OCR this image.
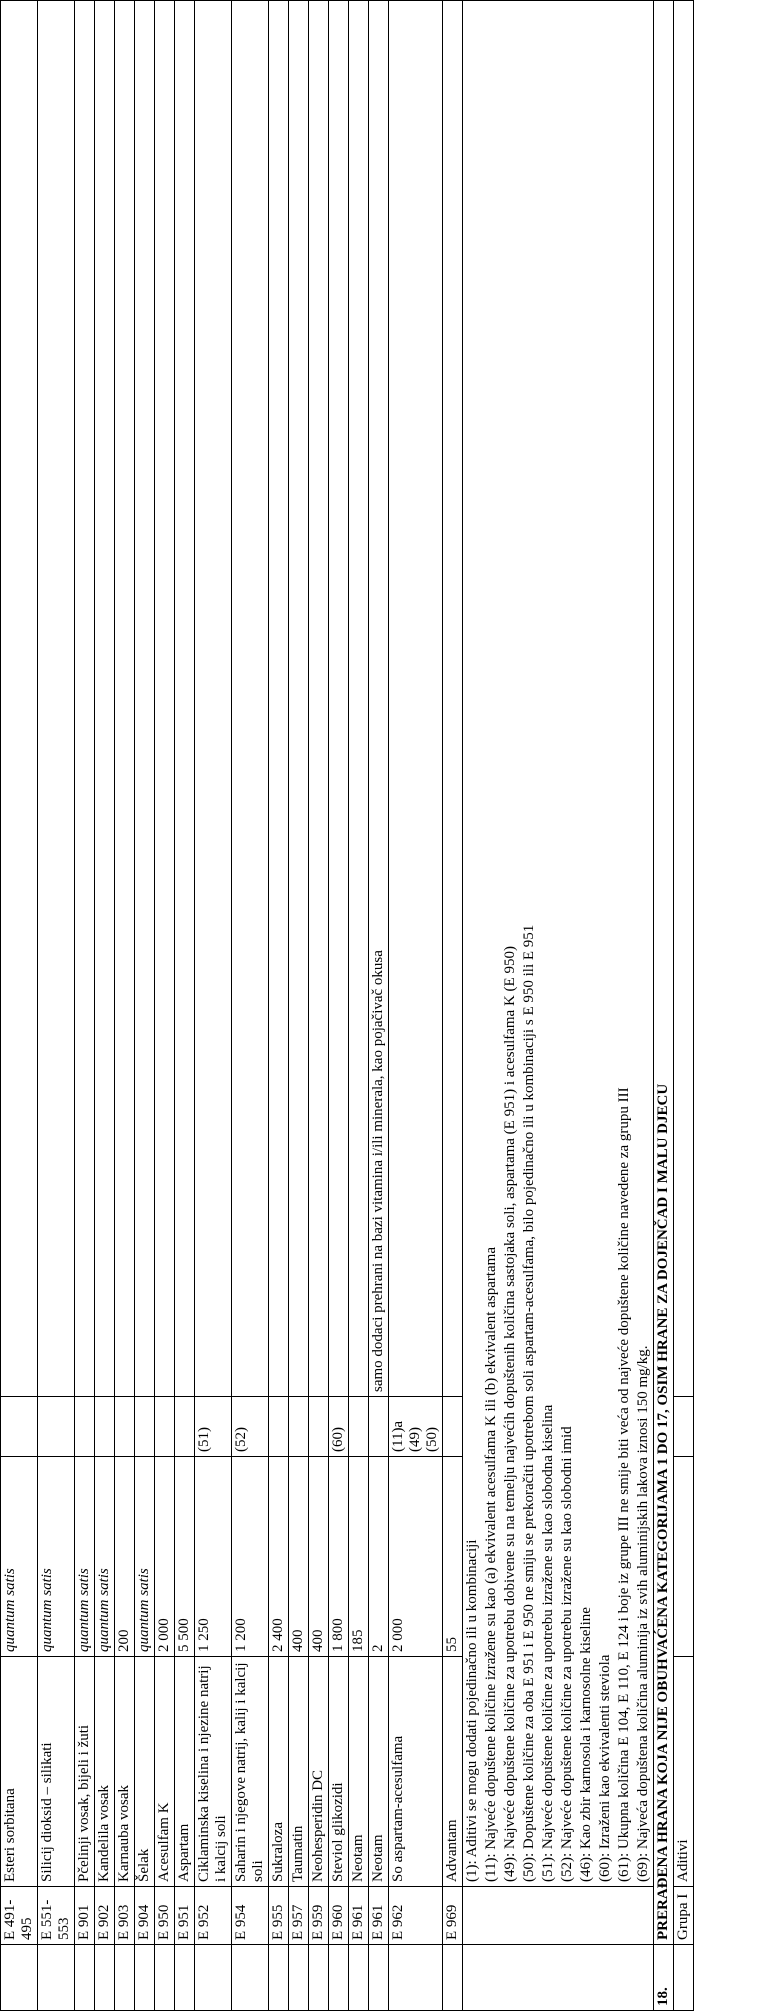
	E 491-495	Esteri sorbitana	quantum satis		
	E 551-553	Silicij dioksid – silikati	quantum satis		
	E 901	Pčelinji vosak, bijeli i žuti	quantum satis		
	E 902	Kandelila vosak	quantum satis		
	E 903	Karnauba vosak	200		
	E 904	Šelak	quantum satis		
	E 950	Acesulfam K	2 000		
	E 951	Aspartam	5 500		
	E 952	Ciklaminska kiselina i njezine natrij i kalcij soli	1 250	(51)	
	E 954	Saharin i njegove natrij, kalij i kalcij soli	1 200	(52)	
	E 955	Sukraloza	2 400		
	E 957	Taumatin	400		
	E 959	Neohesperidin DC	400		
	E 960	Steviol glikozidi	1 800	(60)	
	E 961	Neotam	185		
	E 961	Neotam	2		samo dodaci prehrani na bazi vitamina i/ili minerala, kao pojačivač okusa
	E 962	So aspartam-acesulfama	2 000	(11)a (49) (50)	
	E 969	Advantam	55		
		(1): Aditivi se mogu dodati pojedinačno ili u kombinaciji			
		(11): Najveće dopuštene količine izražene su kao (a) ekvivalent acesulfama K ili (b) ekvivalent aspartama			
		(49): Najveće dopuštene količine za upotrebu dobivene su na temelju najvećih dopuštenih količina sastojaka soli, aspartama (E 951) i acesulfama K (E 950)			
		(50): Dopuštene količine za oba E 951 i E 950 ne smiju se prekoračiti upotrebom soli aspartam-acesulfama, bilo pojedinačno ili u kombinaciji s E 950 ili E 951			
		(51): Najveće dopuštene količine za upotrebu izražene su kao slobodna kiselina			
		(52): Najveće dopuštene količine za upotrebu izražene su kao slobodni imid			
		(46): Kao zbir karnosola i karnosolne kiseline			
		(60): Izraženi kao ekvivalenti steviola			
		(61): Ukupna količina E 104, E 110, E 124 i boje iz grupe III ne smije biti veća od najveće dopuštene količine navedene za grupu III			
		(69): Najveća dopuštena količina aluminija iz svih aluminijskih lakova iznosi 150 mg/kg.			
18.	PRERAĐENA HRANA KOJA NIJE OBUHVAĆENA KATEGORIJAMA 1 DO 17, OSIM HRANE ZA DOJENČAD I MALU DJECU				
	Grupa I	Aditivi			
